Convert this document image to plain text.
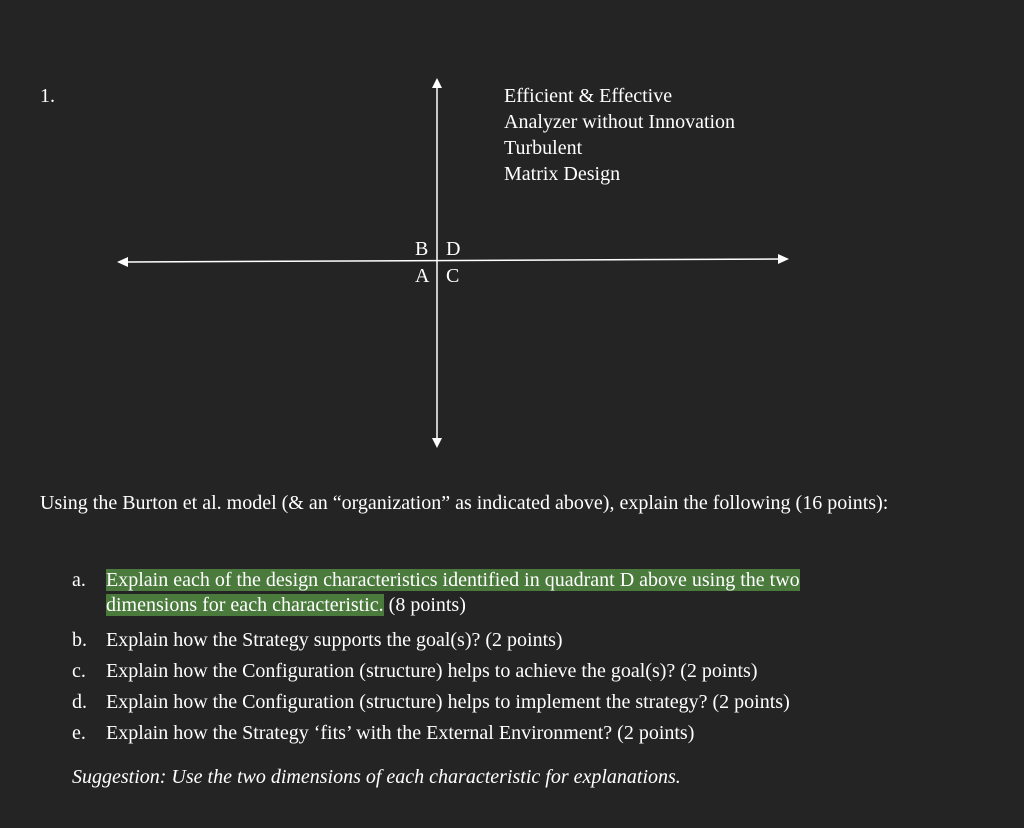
1.	Efficient & Effective
Analyzer without Innovation
Turbulent
Matrix Design
B D
A C
Using the Burton et al. model (& an “organization” as indicated above), explain the following (16 points):
a. Explain each of the design characteristics identified in quadrant D above using the two dimensions for each characteristic. (8 points)
b. Explain how the Strategy supports the goal(s)? (2 points)
c. Explain how the Configuration (structure) helps to achieve the goal(s)? (2 points)
d. Explain how the Configuration (structure) helps to implement the strategy? (2 points)
e. Explain how the Strategy ‘fits’ with the External Environment? (2 points)
Suggestion: Use the two dimensions of each characteristic for explanations.
